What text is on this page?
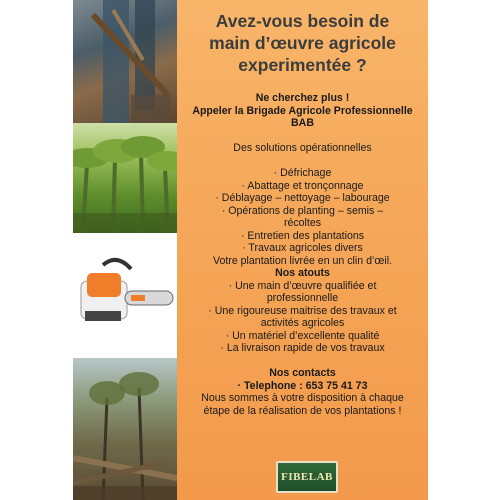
Avez-vous besoin de
main d’œuvre agricole
experimentée ?
Ne cherchez plus !
Appeler la Brigade Agricole Professionnelle
BAB
Des solutions opérationnelles
· Défrichage
· Abattage et tronçonnage
· Déblayage – nettoyage – labourage
· Opérations de planting – semis –
récoltes
· Entretien des plantations
· Travaux agricoles divers
Votre plantation livrée en un clin d’œil.
Nos atouts
· Une main d’œuvre qualifiée et
professionnelle
· Une rigoureuse maitrise des travaux et
activités agricoles
· Un matériel d’excellente qualité
· La livraison rapide de vos travaux
Nos contacts
· Telephone : 653 75 41 73
Nous sommes à votre disposition à chaque
étape de la réalisation de vos plantations !
FIBELAB
